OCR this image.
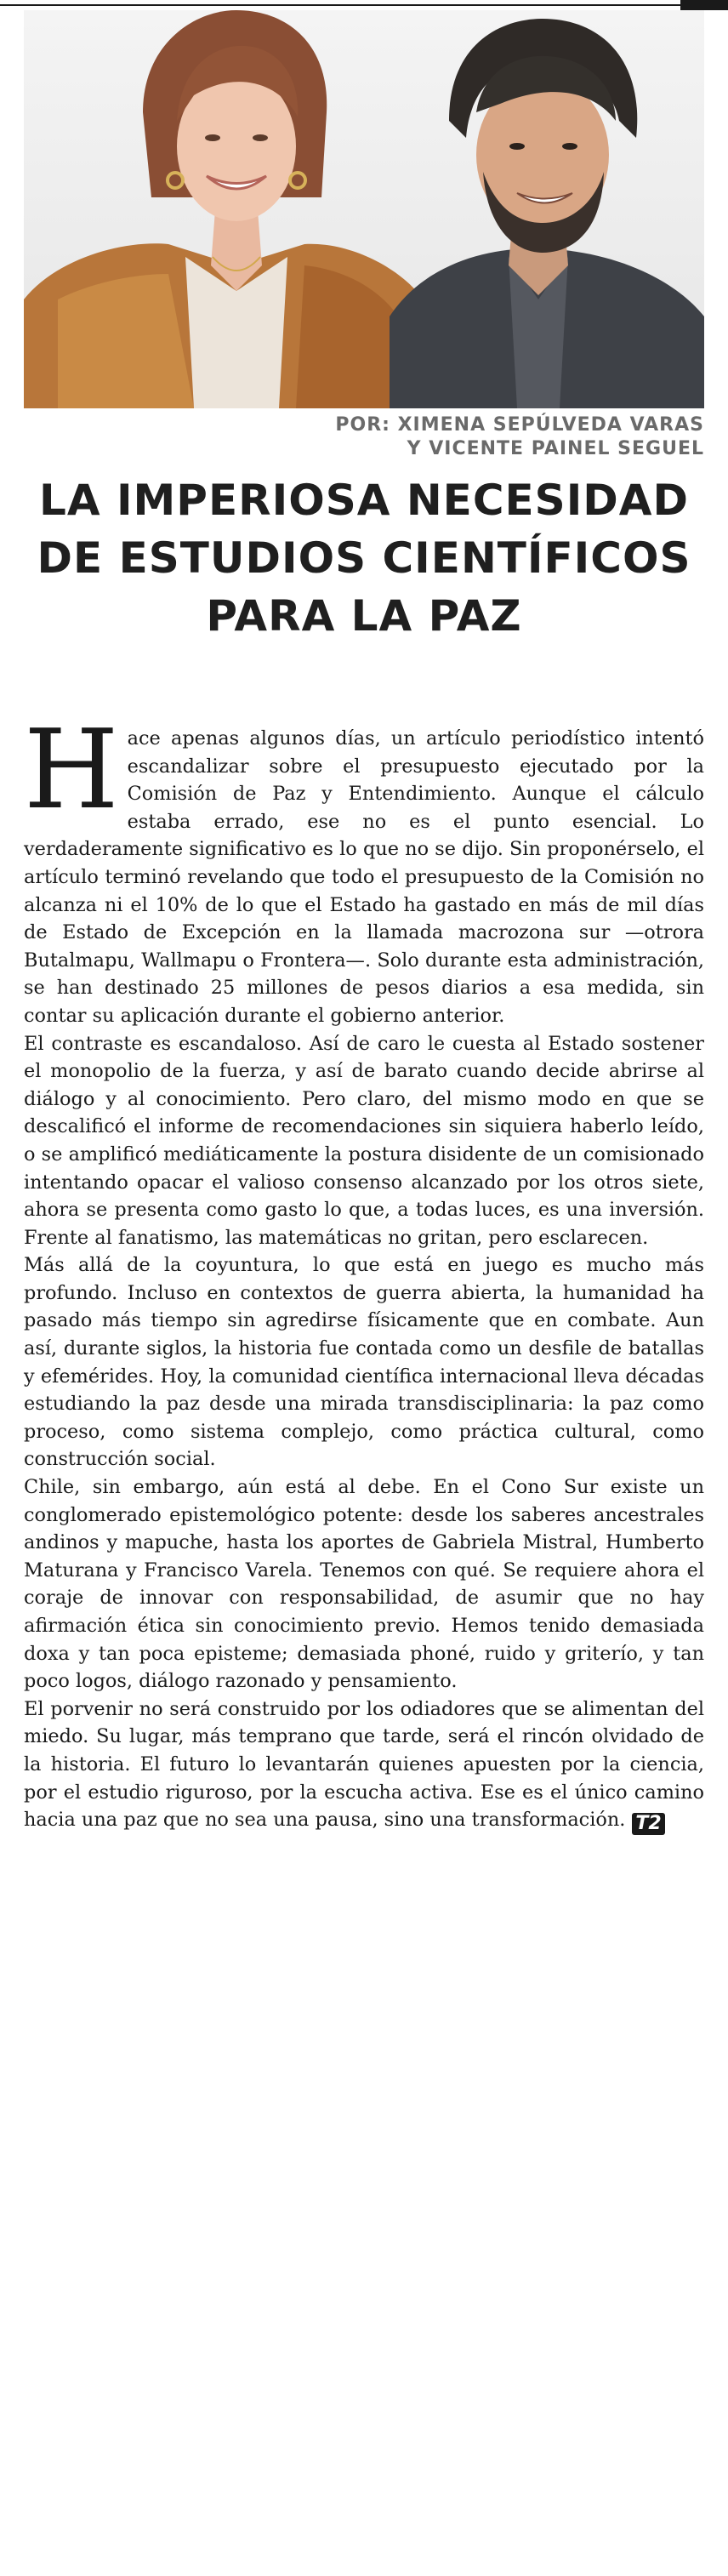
POR: XIMENA SEPÚLVEDA VARAS
Y VICENTE PAINEL SEGUEL
LA IMPERIOSA NECESIDAD
DE ESTUDIOS CIENTÍFICOS
PARA LA PAZ

Hace apenas algunos días, un artículo periodístico intentó escandalizar sobre el presupuesto ejecutado por la Comisión de Paz y Entendimiento. Aunque el cálculo estaba errado, ese no es el punto esencial. Lo verdaderamente significativo es lo que no se dijo. Sin proponérselo, el artículo terminó revelando que todo el presupuesto de la Comisión no alcanza ni el 10% de lo que el Estado ha gastado en más de mil días de Estado de Excepción en la llamada macrozona sur —otrora Butalmapu, Wallmapu o Frontera—. Solo durante esta administración, se han destinado 25 millones de pesos diarios a esa medida, sin contar su aplicación durante el gobierno anterior.

El contraste es escandaloso. Así de caro le cuesta al Estado sostener el monopolio de la fuerza, y así de barato cuando decide abrirse al diálogo y al conocimiento. Pero claro, del mismo modo en que se descalificó el informe de recomendaciones sin siquiera haberlo leído, o se amplificó mediáticamente la postura disidente de un comisionado intentando opacar el valioso consenso alcanzado por los otros siete, ahora se presenta como gasto lo que, a todas luces, es una inversión. Frente al fanatismo, las matemáticas no gritan, pero esclarecen.

Más allá de la coyuntura, lo que está en juego es mucho más profundo. Incluso en contextos de guerra abierta, la humanidad ha pasado más tiempo sin agredirse físicamente que en combate. Aun así, durante siglos, la historia fue contada como un desfile de batallas y efemérides. Hoy, la comunidad científica internacional lleva décadas estudiando la paz desde una mirada transdisciplinaria: la paz como proceso, como sistema complejo, como práctica cultural, como construcción social.

Chile, sin embargo, aún está al debe. En el Cono Sur existe un conglomerado epistemológico potente: desde los saberes ancestrales andinos y mapuche, hasta los aportes de Gabriela Mistral, Humberto Maturana y Francisco Varela. Tenemos con qué. Se requiere ahora el coraje de innovar con responsabilidad, de asumir que no hay afirmación ética sin conocimiento previo. Hemos tenido demasiada doxa y tan poca episteme; demasiada phoné, ruido y griterío, y tan poco logos, diálogo razonado y pensamiento.

El porvenir no será construido por los odiadores que se alimentan del miedo. Su lugar, más temprano que tarde, será el rincón olvidado de la historia. El futuro lo levantarán quienes apuesten por la ciencia, por el estudio riguroso, por la escucha activa. Ese es el único camino hacia una paz que no sea una pausa, sino una transformación. T2
